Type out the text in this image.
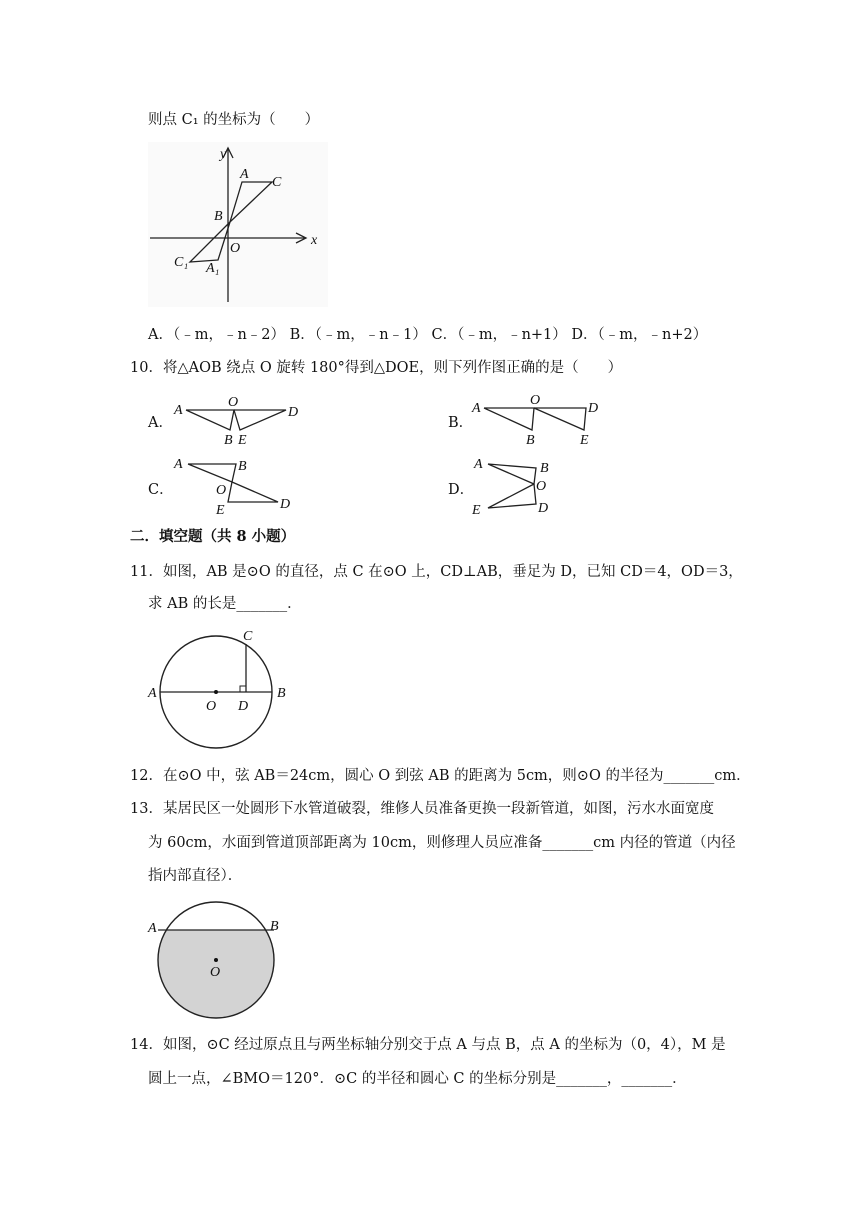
则点 C₁ 的坐标为（　　）
y
x
A
C
B
O
C₁ A₁
A．（﹣m，﹣n﹣2） B．（﹣m，﹣n﹣1） C．（﹣m，﹣n+1） D．（﹣m，﹣n+2）
10．将△AOB 绕点 O 旋转 180°得到△DOE，则下列作图正确的是（　　）
A．
A
O
D
B E
B．
A
O
D
B	E
C．
A	B
O
D
E
D．
A	B
O
D
E
二．填空题（共 8 小题）
11．如图，AB 是⊙O 的直径，点 C 在⊙O 上，CD⊥AB，垂足为 D，已知 CD＝4，OD＝3，
求 AB 的长是_______．
A	B
C
O D
12．在⊙O 中，弦 AB＝24cm，圆心 O 到弦 AB 的距离为 5cm，则⊙O 的半径为_______cm．
13．某居民区一处圆形下水管道破裂，维修人员准备更换一段新管道，如图，污水水面宽度
为 60cm，水面到管道顶部距离为 10cm，则修理人员应准备_______cm 内径的管道（内径
指内部直径）．
A	B
O
14．如图，⊙C 经过原点且与两坐标轴分别交于点 A 与点 B，点 A 的坐标为（0，4），M 是
圆上一点，∠BMO＝120°．⊙C 的半径和圆心 C 的坐标分别是_______，_______．
